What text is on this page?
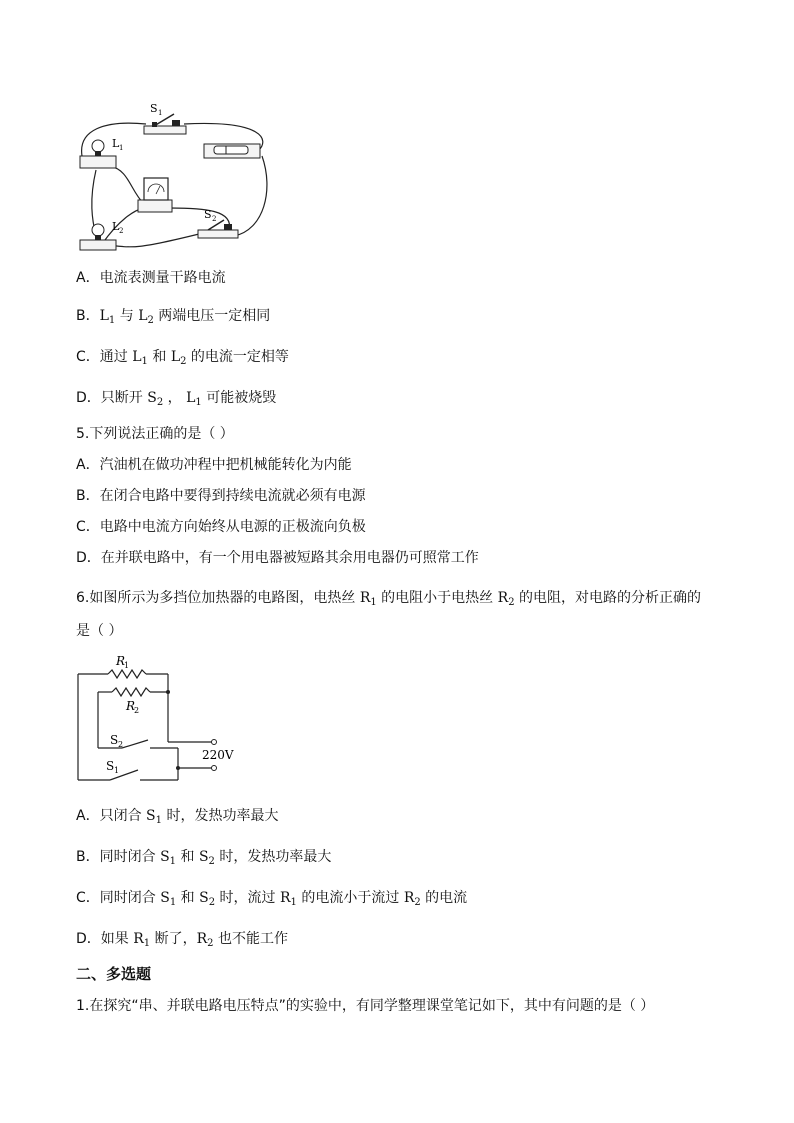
S 1
L 1
S 2
L 2
A．电流表测量干路电流
B．$L_1$ 与 $L_2$ 两端电压一定相同
C．通过 $L_1$ 和 $L_2$ 的电流一定相等
D．只断开 $S_2$ ， $L_1$ 可能被烧毁
5.下列说法正确的是（ ）
A．汽油机在做功冲程中把机械能转化为内能
B．在闭合电路中要得到持续电流就必须有电源
C．电路中电流方向始终从电源的正极流向负极
D．在并联电路中，有一个用电器被短路其余用电器仍可照常工作
6.如图所示为多挡位加热器的电路图，电热丝 $R_1$ 的电阻小于电热丝 $R_2$ 的电阻，对电路的分析正确的
是（ ）
R
1
R
2
S 2
S 1
220V
A．只闭合 $S_1$ 时，发热功率最大
B．同时闭合 $S_1$ 和 $S_2$ 时，发热功率最大
C．同时闭合 $S_1$ 和 $S_2$ 时，流过 $R_1$ 的电流小于流过 $R_2$ 的电流
D．如果 $R_1$ 断了，$R_2$ 也不能工作
二、多选题
1.在探究“串、并联电路电压特点”的实验中，有同学整理课堂笔记如下，其中有问题的是（ ）
